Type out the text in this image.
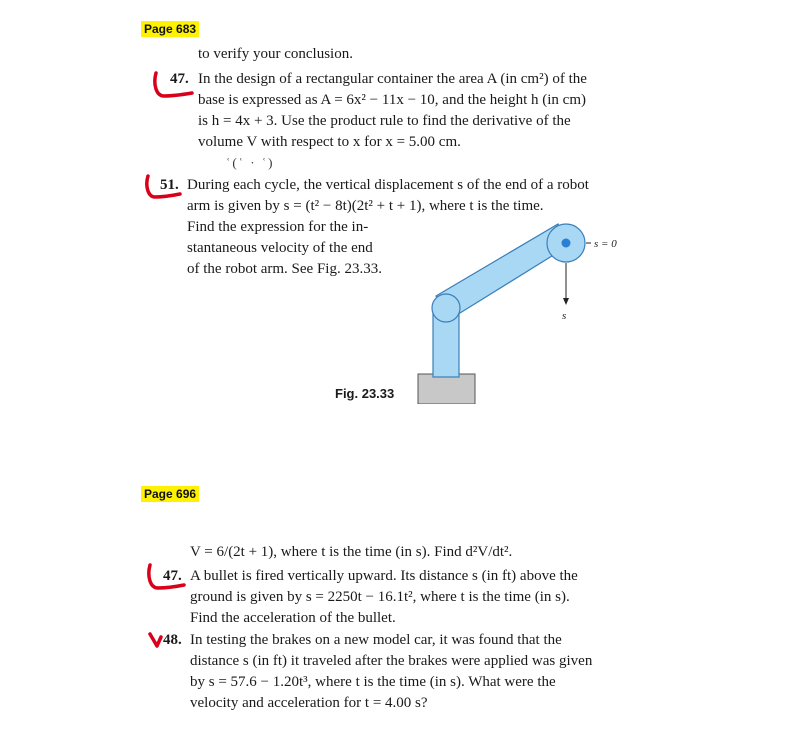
Page 683
to verify your conclusion.
47. In the design of a rectangular container the area A (in cm²) of the
base is expressed as A = 6x² − 11x − 10, and the height h (in cm)
is h = 4x + 3. Use the product rule to find the derivative of the
volume V with respect to x for x = 5.00 cm.
ʿ(ʿ · ʿ)
51. During each cycle, the vertical displacement s of the end of a robot
arm is given by s = (t² − 8t)(2t² + t + 1), where t is the time.
Find the expression for the in-
stantaneous velocity of the end
of the robot arm. See Fig. 23.33.
s = 0
s
Fig. 23.33
Page 696
V = 6/(2t + 1), where t is the time (in s). Find d²V/dt².
47. A bullet is fired vertically upward. Its distance s (in ft) above the
ground is given by s = 2250t − 16.1t², where t is the time (in s).
Find the acceleration of the bullet.
48. In testing the brakes on a new model car, it was found that the
distance s (in ft) it traveled after the brakes were applied was given
by s = 57.6 − 1.20t³, where t is the time (in s). What were the
velocity and acceleration for t = 4.00 s?
